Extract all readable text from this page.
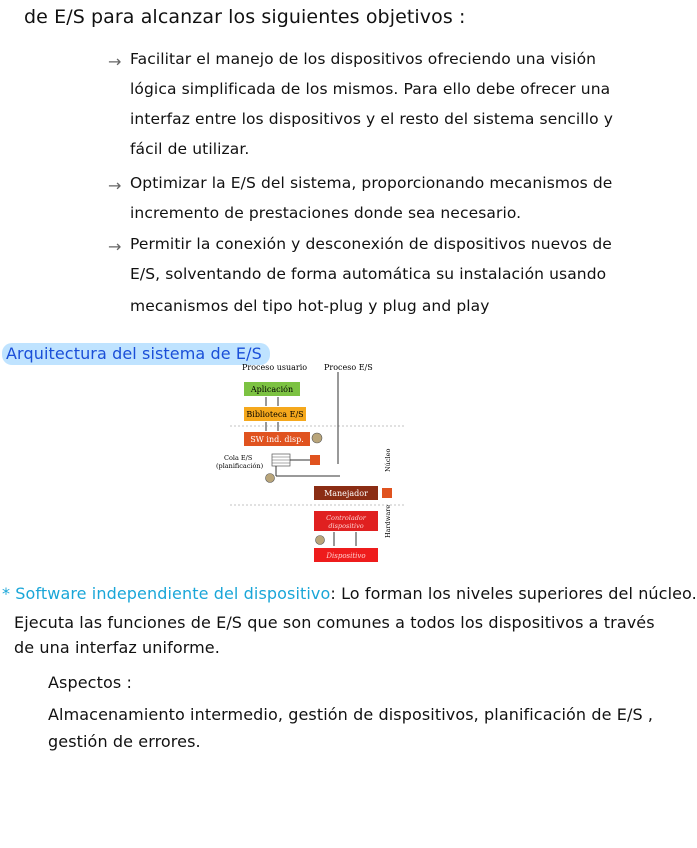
de E/S para alcanzar los siguientes objetivos :
→ Facilitar el manejo de los dispositivos ofreciendo una visión
lógica simplificada de los mismos. Para ello debe ofrecer una
interfaz entre los dispositivos y el resto del sistema sencillo y
fácil de utilizar.
→ Optimizar la E/S del sistema, proporcionando mecanismos de
incremento de prestaciones donde sea necesario.
→ Permitir la conexión y desconexión de dispositivos nuevos de
E/S, solventando de forma automática su instalación usando
mecanismos del tipo hot-plug y plug and play
Arquitectura del sistema de E/S
Proceso usuario Proceso E/S
Aplicación
Biblioteca E/S
SW ind. disp.
Cola E/S
(planificación)	Núcleo
Manejador
Controlador
dispositivo	Hardware
Dispositivo
* Software independiente del dispositivo: Lo forman los niveles superiores del núcleo.
Ejecuta las funciones de E/S que son comunes a todos los dispositivos a través
de una interfaz uniforme.
Aspectos :
Almacenamiento intermedio, gestión de dispositivos, planificación de E/S ,
gestión de errores.
